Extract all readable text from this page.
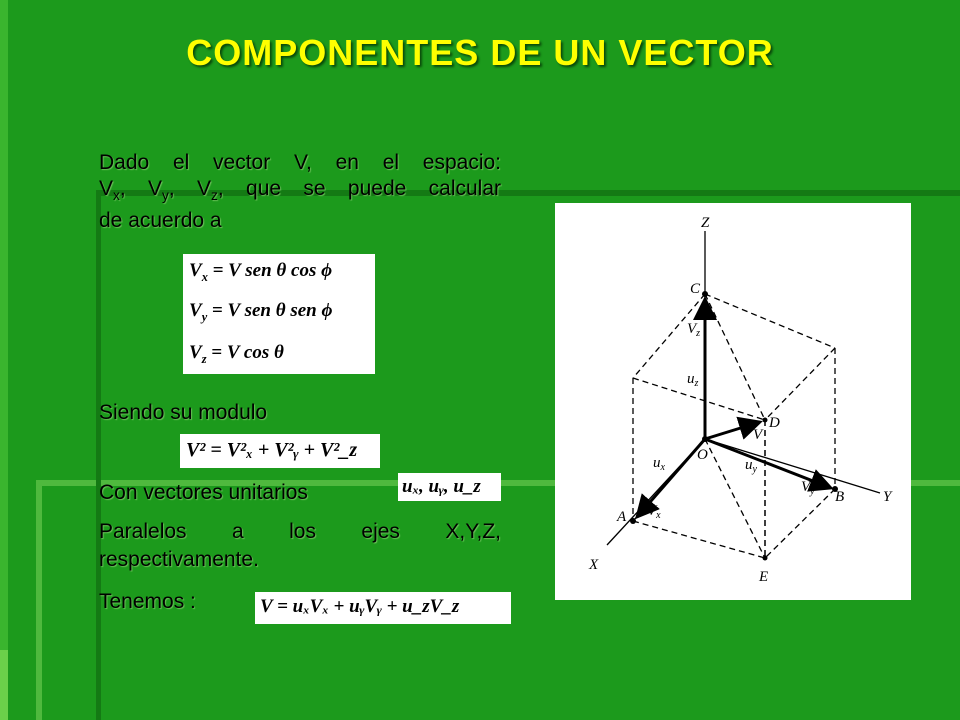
COMPONENTES DE UN VECTOR
Dado el vector V, en el espacio:
$V_x$, $V_y$, $V_z$, que se puede calcular
de acuerdo a
$V_x = V$ sen θ cos ϕ
$V_y = V$ sen θ sen ϕ
$V_z = V$ cos θ
Siendo su modulo
V² = V²ₓ + V²ᵧ + V²_z
Con vectores unitarios	uₓ, uᵧ, u_z
Paralelos a los ejes X,Y,Z,
respectivamente.
Tenemos :	V = uₓVₓ + uᵧVᵧ + u_zV_z
Z
C
$V_z$
$u_z$
D
V
O
$u_x$	$u_y$
$V_y$ B	Y
A $V_x$
X
E
